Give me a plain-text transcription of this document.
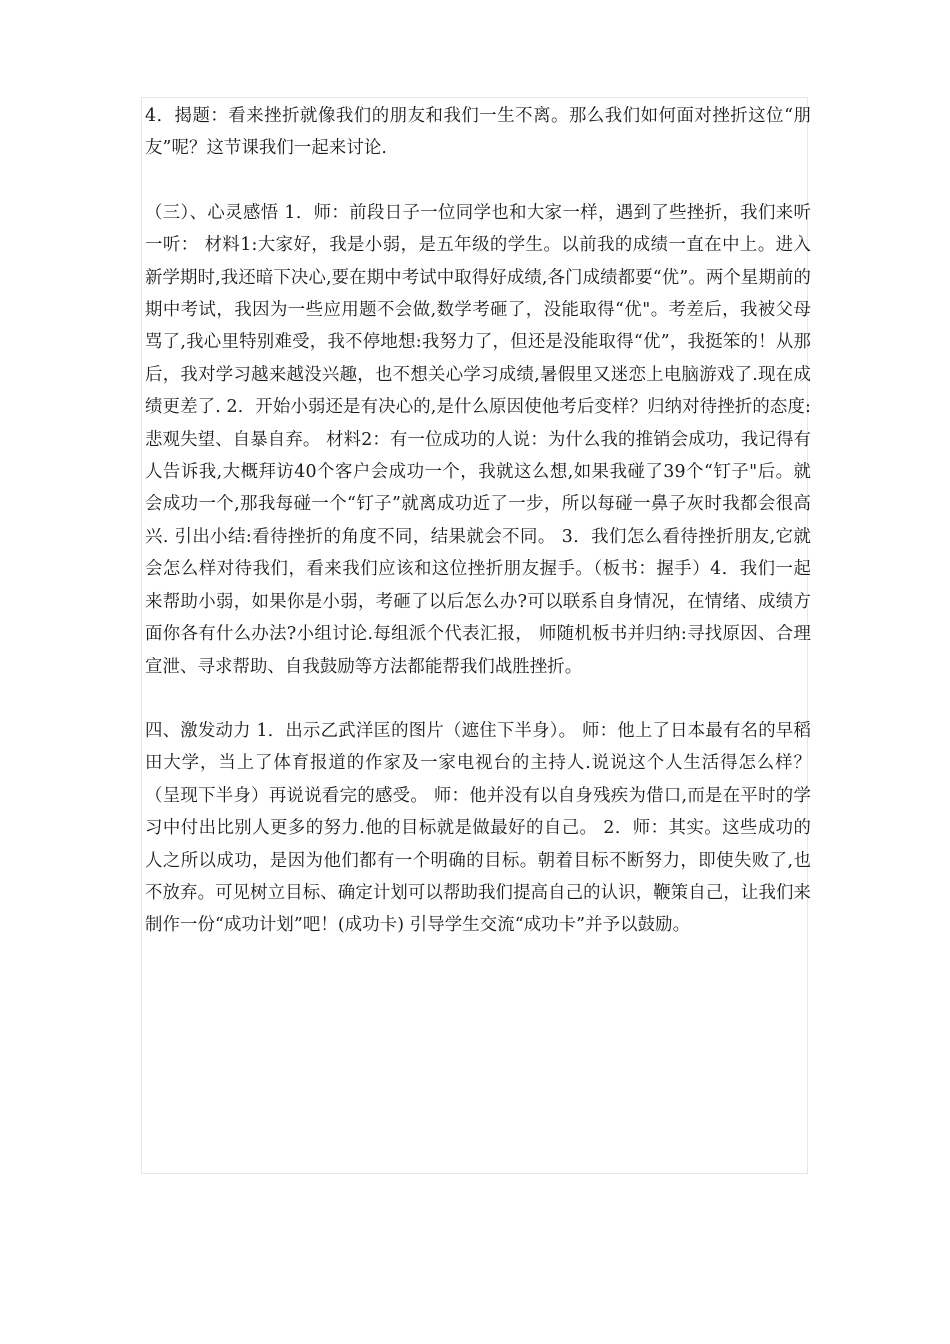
4．揭题：看来挫折就像我们的朋友和我们一生不离。那么我们如何面对挫折这位“朋友”呢？这节课我们一起来讨论.

（三）、心灵感悟 1．师：前段日子一位同学也和大家一样，遇到了些挫折，我们来听一听： 材料1:大家好，我是小弱，是五年级的学生。以前我的成绩一直在中上。进入新学期时,我还暗下决心,要在期中考试中取得好成绩,各门成绩都要“优”。两个星期前的期中考试，我因为一些应用题不会做,数学考砸了，没能取得“优"。考差后，我被父母骂了,我心里特别难受，我不停地想:我努力了，但还是没能取得“优”，我挺笨的！从那后，我对学习越来越没兴趣，也不想关心学习成绩,暑假里又迷恋上电脑游戏了.现在成绩更差了. 2．开始小弱还是有决心的,是什么原因使他考后变样？归纳对待挫折的态度:悲观失望、自暴自弃。 材料2：有一位成功的人说：为什么我的推销会成功，我记得有人告诉我,大概拜访40个客户会成功一个，我就这么想,如果我碰了39个“钉子"后。就会成功一个,那我每碰一个“钉子”就离成功近了一步，所以每碰一鼻子灰时我都会很高兴. 引出小结:看待挫折的角度不同，结果就会不同。 3．我们怎么看待挫折朋友,它就会怎么样对待我们，看来我们应该和这位挫折朋友握手。（板书：握手）4．我们一起来帮助小弱，如果你是小弱，考砸了以后怎么办?可以联系自身情况，在情绪、成绩方面你各有什么办法?小组讨论.每组派个代表汇报， 师随机板书并归纳:寻找原因、合理宣泄、寻求帮助、自我鼓励等方法都能帮我们战胜挫折。

四、激发动力 1．出示乙武洋匡的图片（遮住下半身）。 师：他上了日本最有名的早稻田大学，当上了体育报道的作家及一家电视台的主持人.说说这个人生活得怎么样？ （呈现下半身）再说说看完的感受。 师：他并没有以自身残疾为借口,而是在平时的学习中付出比别人更多的努力.他的目标就是做最好的自己。 2．师：其实。这些成功的人之所以成功，是因为他们都有一个明确的目标。朝着目标不断努力，即使失败了,也不放弃。可见树立目标、确定计划可以帮助我们提高自己的认识，鞭策自己，让我们来制作一份“成功计划”吧！(成功卡) 引导学生交流“成功卡”并予以鼓励。
